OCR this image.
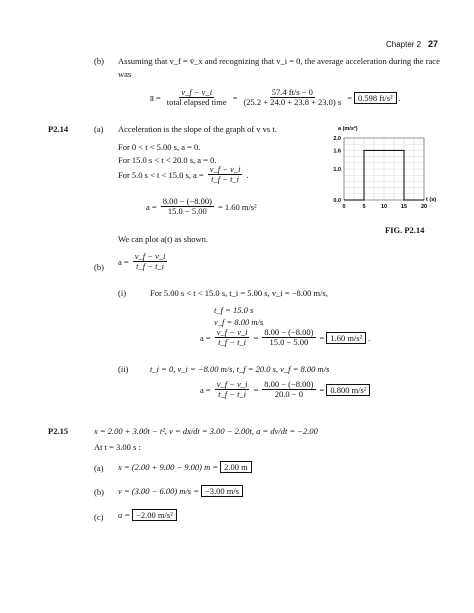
Chapter 2 27
(b) Assuming that v_f = v̄_x and recognizing that v_i = 0, the average acceleration during the race
was
a̅ = $\frac{v\_f - v\_i}{\text{total elapsed time}} = \frac{57.4 ft/s - 0}{(25.2 + 24.0 + 23.8 + 23.0) s} = 0.598$ ft/s² .
P2.14	(a) Acceleration is the slope of the graph of v vs t.
For 0 < t < 5.00 s, a = 0.
For 15.0 s < t < 20.0 s, a = 0.
For 5.0 s < t < 15.0 s, $a = \frac{v\_f - v\_i}{t\_f - t\_i}$ .
$a = \frac{8.00 - (-8.00)}{15.0 - 5.00} = 1.60$ m/s²
We can plot a(t) as shown.
0	5	10	15	20
0.0
1.0
1.6
2.0
a (m/s²)
t (s)
FIG. P2.14
(b)
$a = \frac{v\_f - v\_i}{t\_f - t\_i}$
(i)	For 5.00 s < t < 15.0 s, t_i = 5.00 s, v_i = −8.00 m/s,
t_f = 15.0 s
v_f = 8.00 m/s
$a = \frac{v\_f - v\_i}{t\_f - t\_i} = \frac{8.00 - (-8.00)}{15.0 - 5.00} = 1.60$ m/s² .
(ii)	t_i = 0, v_i = −8.00 m/s, t_f = 20.0 s, v_f = 8.00 m/s
$a = \frac{v\_f - v\_i}{t\_f - t\_i} = \frac{8.00 - (-8.00)}{20.0 - 0} = 0.800$ m/s²
P2.15	x = 2.00 + 3.00t − t², v = dx/dt = 3.00 − 2.00t, a = dv/dt = −2.00
At t = 3.00 s :
(a) x = (2.00 + 9.00 − 9.00) m = 2.00 m
(b) v = (3.00 − 6.00) m/s = −3.00 m/s
(c) a = −2.00 m/s²
